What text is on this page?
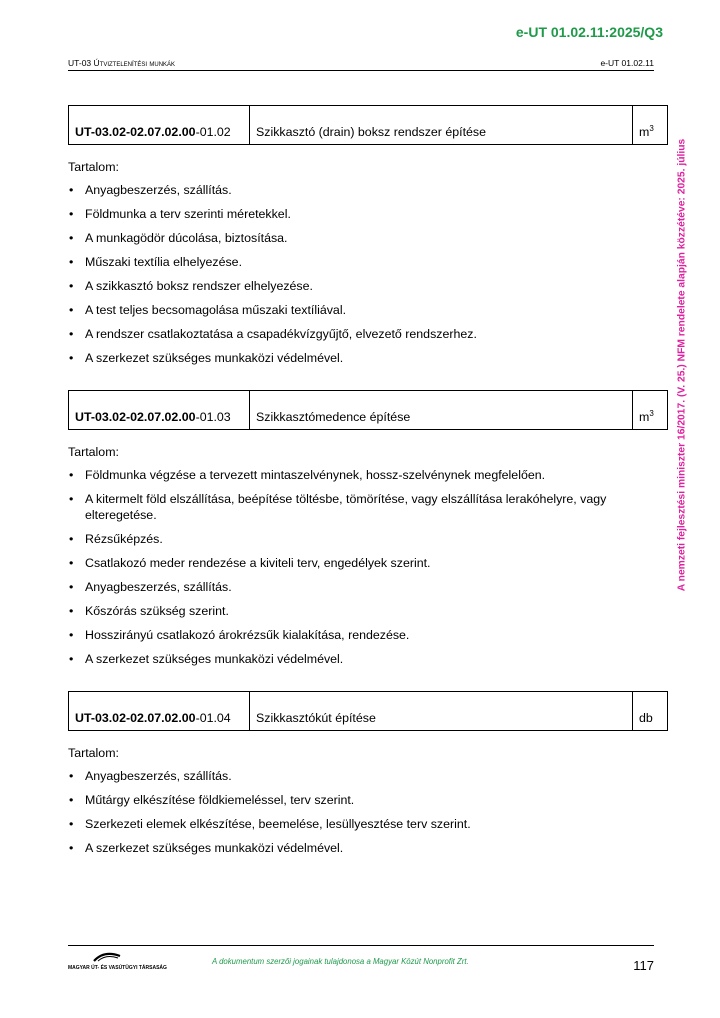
e-UT 01.02.11:2025/Q3
UT-03 Útviztelenítési munkák	e-UT 01.02.11
A nemzeti fejlesztési miniszter 16/2017. (V. 25.) NFM rendelete alapján közzétéve: 2025. július
UT-03.02-02.07.02.00-01.02	Szikkasztó (drain) boksz rendszer építése	$m^3$
Tartalom:
• Anyagbeszerzés, szállítás.
• Földmunka a terv szerinti méretekkel.
• A munkagödör dúcolása, biztosítása.
• Műszaki textília elhelyezése.
• A szikkasztó boksz rendszer elhelyezése.
• A test teljes becsomagolása műszaki textíliával.
• A rendszer csatlakoztatása a csapadékvízgyűjtő, elvezető rendszerhez.
• A szerkezet szükséges munkaközi védelmével.
UT-03.02-02.07.02.00-01.03	Szikkasztómedence építése	$m^3$
Tartalom:
• Földmunka végzése a tervezett mintaszelvénynek, hossz-szelvénynek megfelelően.
• A kitermelt föld elszállítása, beépítése töltésbe, tömörítése, vagy elszállítása lerakóhelyre, vagy elteregetése.
• Rézsűképzés.
• Csatlakozó meder rendezése a kiviteli terv, engedélyek szerint.
• Anyagbeszerzés, szállítás.
• Kőszórás szükség szerint.
• Hosszirányú csatlakozó árokrézsűk kialakítása, rendezése.
• A szerkezet szükséges munkaközi védelmével.
UT-03.02-02.07.02.00-01.04	Szikkasztókút építése	db
Tartalom:
• Anyagbeszerzés, szállítás.
• Műtárgy elkészítése földkiemeléssel, terv szerint.
• Szerkezeti elemek elkészítése, beemelése, lesüllyesztése terv szerint.
• A szerkezet szükséges munkaközi védelmével.
MAGYAR ÚT- ÉS VASÚTÜGYI TÁRSASÁG
A dokumentum szerzői jogainak tulajdonosa a Magyar Közút Nonprofit Zrt.	117
